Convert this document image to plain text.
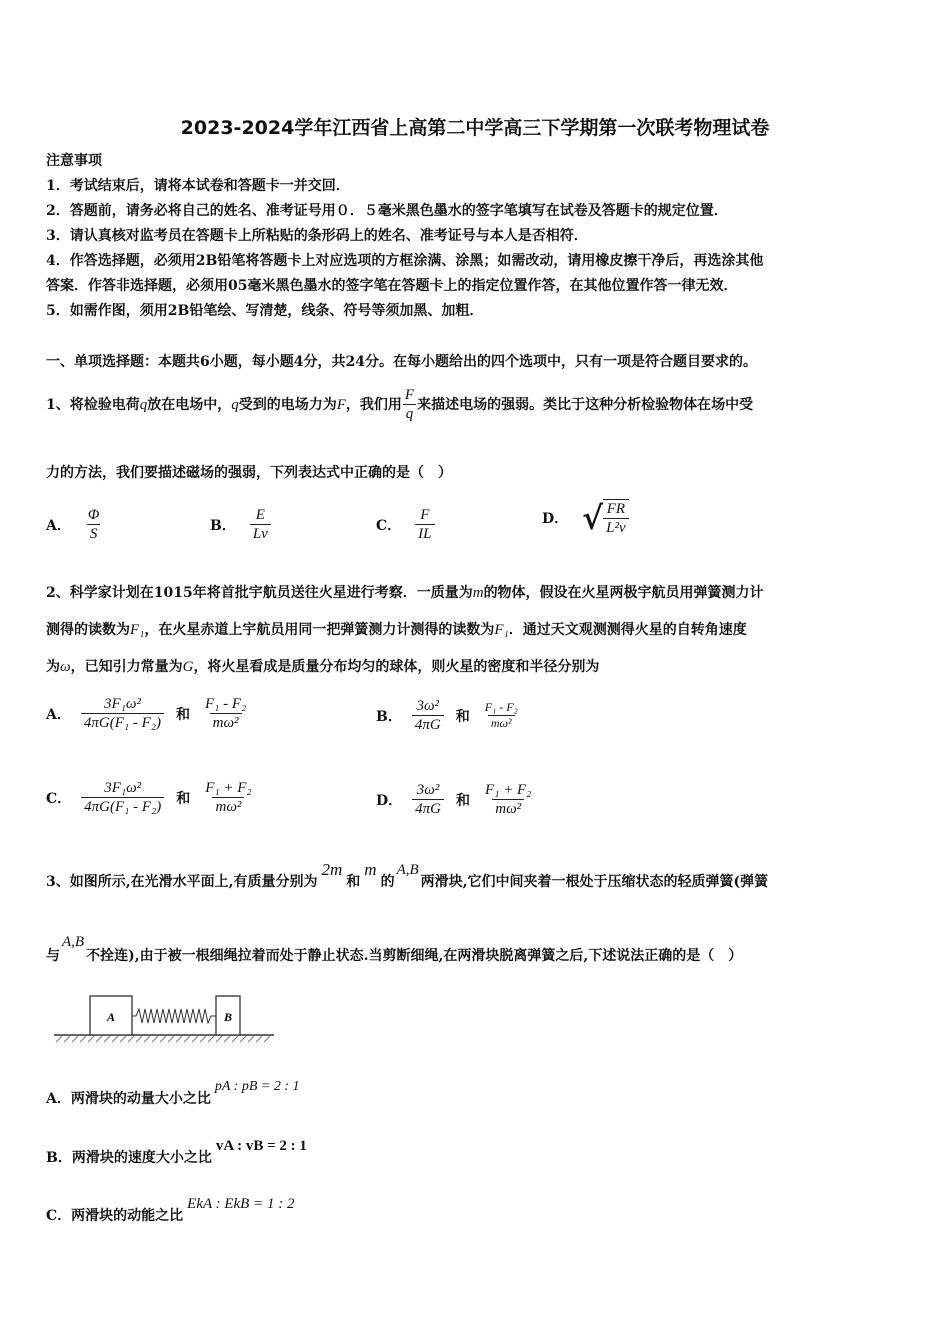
2023-2024学年江西省上高第二中学高三下学期第一次联考物理试卷
注意事项
1．考试结束后，请将本试卷和答题卡一并交回．
2．答题前，请务必将自己的姓名、准考证号用０．５毫米黑色墨水的签字笔填写在试卷及答题卡的规定位置．
3．请认真核对监考员在答题卡上所粘贴的条形码上的姓名、准考证号与本人是否相符．
4．作答选择题，必须用2B铅笔将答题卡上对应选项的方框涂满、涂黑；如需改动，请用橡皮擦干净后，再选涂其他
答案．作答非选择题，必须用05毫米黑色墨水的签字笔在答题卡上的指定位置作答，在其他位置作答一律无效．
5．如需作图，须用2B铅笔绘、写清楚，线条、符号等须加黑、加粗．
一、单项选择题：本题共6小题，每小题4分，共24分。在每小题给出的四个选项中，只有一项是符合题目要求的。
1、将检验电荷 q 放在电场中， q 受到的电场力为 F ，我们用 $\frac{F}{q}$ 来描述电场的强弱。类比于这种分析检验物体在场中受
力的方法，我们要描述磁场的强弱，下列表达式中正确的是（　）
A． $\frac{\Phi}{S}$	B． $\frac{E}{Lv}$	C． $\frac{F}{IL}$	D． √ $\frac{FR}{\text{L²v}}$
2、科学家计划在1015年将首批宇航员送往火星进行考察．一质量为m的物体，假设在火星两极宇航员用弹簧测力计
测得的读数为F₁，在火星赤道上宇航员用同一把弹簧测力计测得的读数为F₁．通过天文观测测得火星的自转角速度
为ω，已知引力常量为G，将火星看成是质量分布均匀的球体，则火星的密度和半径分别为
A． $\frac{\text{3F₁ω²}}{\text{4πG(F₁ - F₂)}}$ 和 $\frac{\text{F₁ - F₂}}{\text{mω²}}$	B． $\frac{\text{3ω²}}{4\pi G}$ 和 $\frac{\text{F₁ - F₂}}{\text{mω²}}$
C． $\frac{\text{3F₁ω²}}{\text{4πG(F₁ - F₂)}}$ 和 $\frac{\text{F₁ + F₂}}{\text{mω²}}$	D． $\frac{\text{3ω²}}{4\pi G}$ 和 $\frac{\text{F₁ + F₂}}{\text{mω²}}$
3、如图所示,在光滑水平面上,有质量分别为
2m
和
m
的
A,B
两滑块,它们中间夹着一根处于压缩状态的轻质弹簧(弹簧
与
A,B
不拴连),由于被一根细绳拉着而处于静止状态.当剪断细绳,在两滑块脱离弹簧之后,下述说法正确的是（　）
A	B
A．两滑块的动量大小之比
pA : pB = 2 : 1
B．两滑块的速度大小之比
vA : vB = 2 : 1
C．两滑块的动能之比
EkA : EkB = 1 : 2
